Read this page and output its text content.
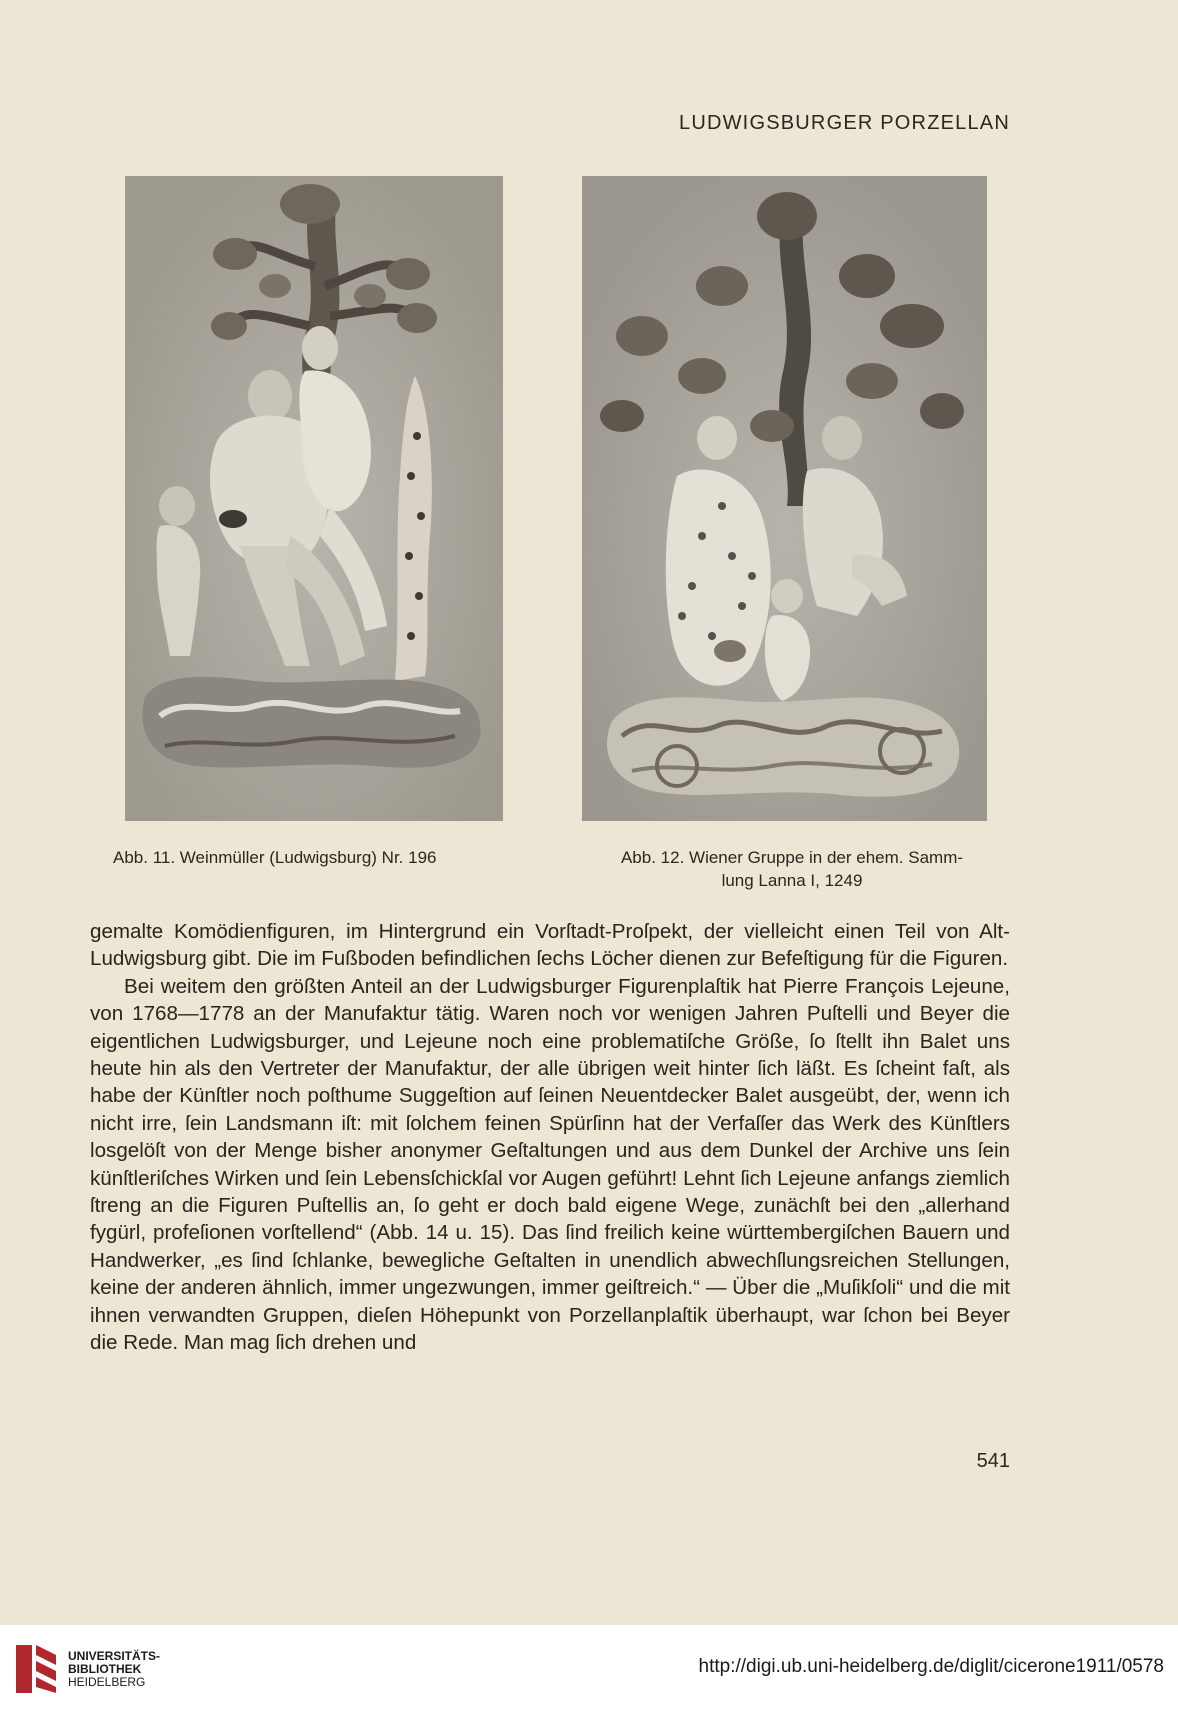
LUDWIGSBURGER PORZELLAN
Abb. 11. Weinmüller (Ludwigsburg) Nr. 196	Abb. 12. Wiener Gruppe in der ehem. Samm-
lung Lanna I, 1249

gemalte Komödienfiguren, im Hintergrund ein Vorſtadt-Proſpekt, der vielleicht einen Teil von Alt-Ludwigsburg gibt. Die im Fußboden befindlichen ſechs Löcher dienen zur Befeſtigung für die Figuren.

Bei weitem den größten Anteil an der Ludwigsburger Figurenplaſtik hat Pierre François Lejeune, von 1768—1778 an der Manufaktur tätig. Waren noch vor wenigen Jahren Puſtelli und Beyer die eigentlichen Ludwigsburger, und Lejeune noch eine problematiſche Größe, ſo ſtellt ihn Balet uns heute hin als den Vertreter der Manufaktur, der alle übrigen weit hinter ſich läßt. Es ſcheint faſt, als habe der Künſtler noch poſthume Suggeſtion auf ſeinen Neuentdecker Balet ausgeübt, der, wenn ich nicht irre, ſein Landsmann iſt: mit ſolchem feinen Spürſinn hat der Verfaſſer das Werk des Künſtlers losgelöſt von der Menge bisher anonymer Geſtaltungen und aus dem Dunkel der Archive uns ſein künſtleriſches Wirken und ſein Lebensſchickſal vor Augen geführt! Lehnt ſich Lejeune anfangs ziemlich ſtreng an die Figuren Puſtellis an, ſo geht er doch bald eigene Wege, zunächſt bei den „allerhand fygürl, profeſionen vorſtellend“ (Abb. 14 u. 15). Das ſind freilich keine württembergiſchen Bauern und Handwerker, „es ſind ſchlanke, bewegliche Geſtalten in unendlich abwechſlungsreichen Stellungen, keine der anderen ähnlich, immer ungezwungen, immer geiſtreich.“ — Über die „Muſikſoli“ und die mit ihnen verwandten Gruppen, dieſen Höhepunkt von Porzellanplaſtik überhaupt, war ſchon bei Beyer die Rede. Man mag ſich drehen und

541
UNIVERSITÄTS-
BIBLIOTHEK
HEIDELBERG
http://digi.ub.uni-heidelberg.de/diglit/cicerone1911/0578
